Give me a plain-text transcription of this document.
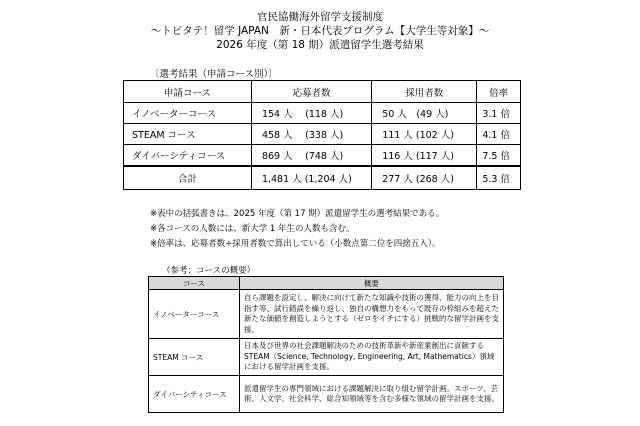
官民協働海外留学支援制度
～トビタテ！留学 JAPAN　新・日本代表プログラム【大学生等対象】～
2026 年度（第 18 期）派遣留学生選考結果
〔選考結果（申請コース別）〕
申請コース	応募者数	採用者数	倍率
イノベーターコース	154 人　 (118 人)	50 人　(49 人)	3.1 倍
STEAM コース	458 人　 (338 人)	111 人 (102 人)	4.1 倍
ダイバーシティコース	869 人　 (748 人)	116 人 (117 人)	7.5 倍
合計	1,481 人 (1,204 人)	277 人 (268 人)	5.3 倍
※表中の括弧書きは、2025 年度（第 17 期）派遣留学生の選考結果である。
※各コースの人数には、新大学 1 年生の人数も含む。
※倍率は、応募者数÷採用者数で算出している（小数点第二位を四捨五入）。
（参考：コースの概要）
コース	概要
イノベーターコース	自ら課題を設定し、解決に向けて新たな知識や技術の獲得、能力の向上を目指す等、試行錯誤を繰り返し、独自の構想力をもって既存の枠組みを超えた新たな価値を創造しようとする（ゼロをイチにする）挑戦的な留学計画を支援。
STEAM コース	日本及び世界の社会課題解決のための技術革新や新産業創出に貢献する STEAM（Science, Technology, Engineering, Art, Mathematics）領域における留学計画を支援。
ダイバーシティコース	派遣留学生の専門領域における課題解決に取り組む留学計画。スポーツ、芸術、人文学、社会科学、総合知領域等を含む多様な領域の留学計画を支援。
